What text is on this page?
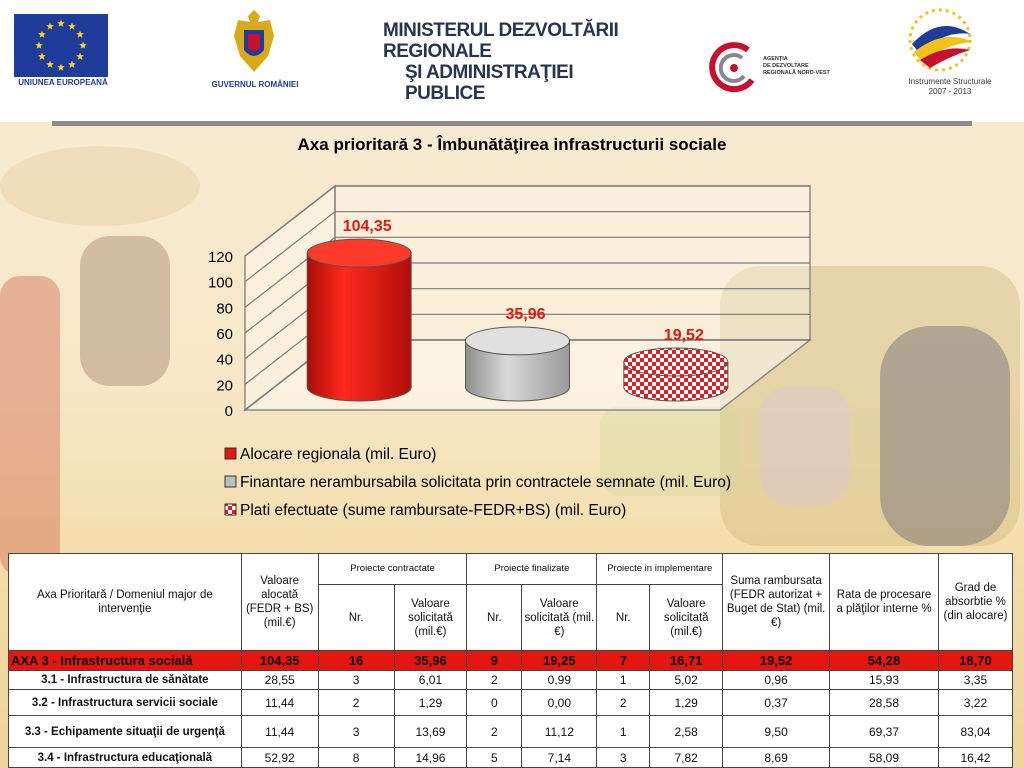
UNIUNEA EUROPEANĂ	GUVERNUL ROMÂNIEI
MINISTERUL DEZVOLTĂRII REGIONALE
ŞI ADMINISTRAŢIEI PUBLICE
AGENŢIA
DE DEZVOLTARE
REGIONALĂ NORD-VEST
Instrumente Structurale
2007 - 2013
Axa prioritară 3 - Îmbunătăţirea infrastructurii sociale
0
20
40
60
80
100
120
104,35
35,96
19,52
Alocare regionala (mil. Euro)
Finantare nerambursabila solicitata prin contractele semnate (mil. Euro)
Plati efectuate (sume rambursate-FEDR+BS) (mil. Euro)
Axa Prioritară / Domeniul major de intervenţie	Valoare alocată (FEDR + BS) (mil.€)	Proiecte contractate		Proiecte finalizate		Proiecte in implementare		Suma rambursata (FEDR autorizat + Buget de Stat) (mil.€)	Rata de procesare a plăţilor interne %	Grad de absorbtie % (din alocare)
		Nr.	Valoare solicitată (mil.€)	Nr.	Valoare solicitată (mil.€)	Nr.	Valoare solicitată (mil.€)			
AXA 3 - Infrastructura socială	104,35	16	35,96	9	19,25	7	16,71	19,52	54,28	18,70
3.1 - Infrastructura de sănătate	28,55	3	6,01	2	0,99	1	5,02	0,96	15,93	3,35
3.2 - Infrastructura servicii sociale	11,44	2	1,29	0	0,00	2	1,29	0,37	28,58	3,22
3.3 - Echipamente situaţii de urgenţă	11,44	3	13,69	2	11,12	1	2,58	9,50	69,37	83,04
3.4 - Infrastructura educaţională	52,92	8	14,96	5	7,14	3	7,82	8,69	58,09	16,42
